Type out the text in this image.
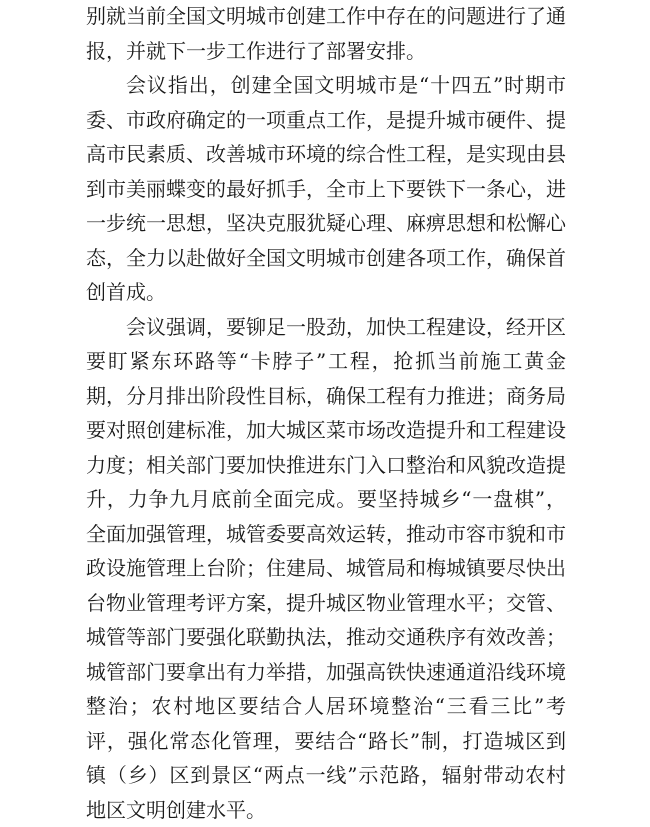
别就当前全国文明城市创建工作中存在的问题进行了通报，并就下一步工作进行了部署安排。

会议指出，创建全国文明城市是“十四五”时期市委、市政府确定的一项重点工作，是提升城市硬件、提高市民素质、改善城市环境的综合性工程，是实现由县到市美丽蝶变的最好抓手，全市上下要铁下一条心，进一步统一思想，坚决克服犹疑心理、麻痹思想和松懈心态，全力以赴做好全国文明城市创建各项工作，确保首创首成。

会议强调，要铆足一股劲，加快工程建设，经开区要盯紧东环路等“卡脖子”工程，抢抓当前施工黄金期，分月排出阶段性目标，确保工程有力推进；商务局要对照创建标准，加大城区菜市场改造提升和工程建设力度；相关部门要加快推进东门入口整治和风貌改造提升，力争九月底前全面完成。要坚持城乡“一盘棋”，全面加强管理，城管委要高效运转，推动市容市貌和市政设施管理上台阶；住建局、城管局和梅城镇要尽快出台物业管理考评方案，提升城区物业管理水平；交管、城管等部门要强化联勤执法，推动交通秩序有效改善；城管部门要拿出有力举措，加强高铁快速通道沿线环境整治；农村地区要结合人居环境整治“三看三比”考评，强化常态化管理，要结合“路长”制，打造城区到镇（乡）区到景区“两点一线”示范路，辐射带动农村地区文明创建水平。
